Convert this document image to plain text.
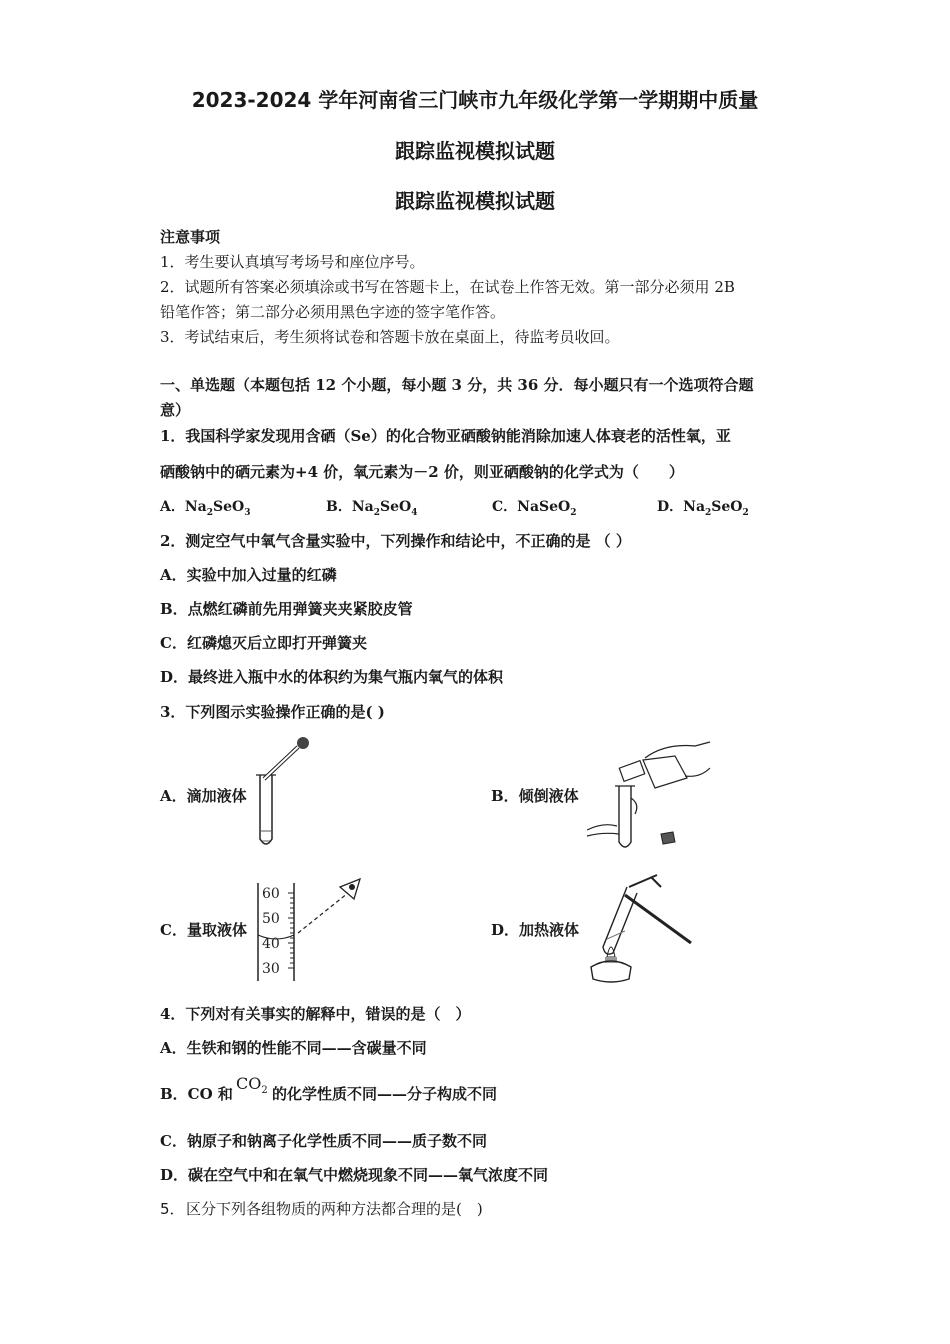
2023-2024 学年河南省三门峡市九年级化学第一学期期中质量
跟踪监视模拟试题
跟踪监视模拟试题
注意事项
1．考生要认真填写考场号和座位序号。
2．试题所有答案必须填涂或书写在答题卡上，在试卷上作答无效。第一部分必须用 2B
铅笔作答；第二部分必须用黑色字迹的签字笔作答。
3．考试结束后，考生须将试卷和答题卡放在桌面上，待监考员收回。
一、单选题（本题包括 12 个小题，每小题 3 分，共 36 分．每小题只有一个选项符合题
意）
1．我国科学家发现用含硒（Se）的化合物亚硒酸钠能消除加速人体衰老的活性氧，亚
硒酸钠中的硒元素为+4 价，氧元素为－2 价，则亚硒酸钠的化学式为（　　）
A．$Na_2SeO_3$	B．$Na_2SeO_4$	C．NaSeO$_2$	D．$Na_2SeO_2$
2．测定空气中氧气含量实验中，下列操作和结论中，不正确的是 （ ）
A．实验中加入过量的红磷
B．点燃红磷前先用弹簧夹夹紧胶皮管
C．红磷熄灭后立即打开弹簧夹
D．最终进入瓶中水的体积约为集气瓶内氧气的体积
3．下列图示实验操作正确的是( )
A．滴加液体	B．倾倒液体
C．量取液体
60
50
40
30
D．加热液体
4．下列对有关事实的解释中，错误的是（　）
A．生铁和钢的性能不同——含碳量不同
B．CO 和
$CO_2$ 的化学性质不同——分子构成不同
C．钠原子和钠离子化学性质不同——质子数不同
D．碳在空气中和在氧气中燃烧现象不同——氧气浓度不同
5． 区分下列各组物质的两种方法都合理的是(　)
